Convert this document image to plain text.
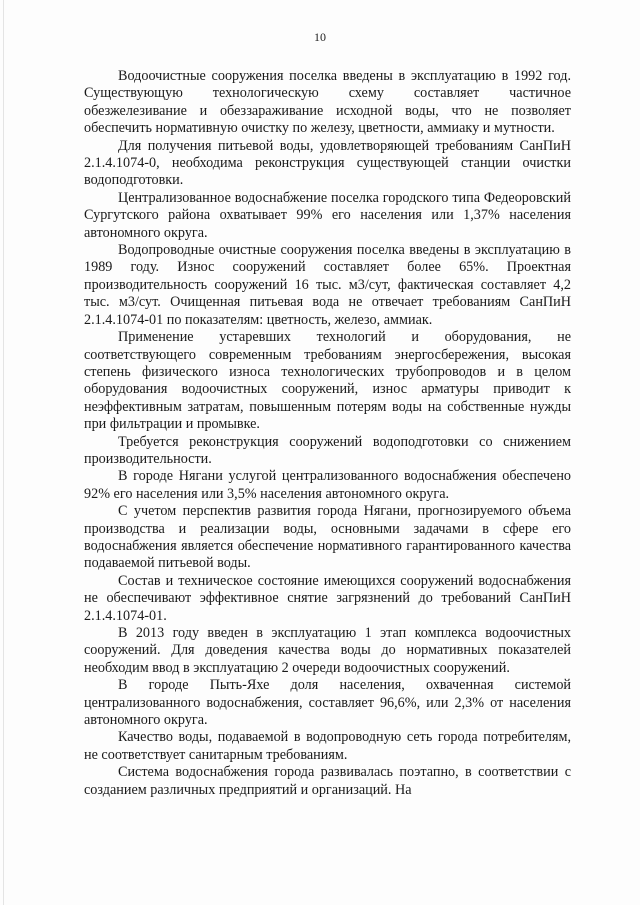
10

Водоочистные сооружения поселка введены в эксплуатацию в 1992 год. Существующую технологическую схему составляет частичное обезжелезивание и обеззараживание исходной воды, что не позволяет обеспечить нормативную очистку по железу, цветности, аммиаку и мутности.

Для получения питьевой воды, удовлетворяющей требованиям СанПиН 2.1.4.1074-0, необходима реконструкция существующей станции очистки водоподготовки.

Централизованное водоснабжение поселка городского типа Федеоровский Сургутского района охватывает 99% его населения или 1,37% населения автономного округа.

Водопроводные очистные сооружения поселка введены в эксплуатацию в 1989 году. Износ сооружений составляет более 65%. Проектная производительность сооружений 16 тыс. м3/сут, фактическая составляет 4,2 тыс. м3/сут. Очищенная питьевая вода не отвечает требованиям СанПиН 2.1.4.1074-01 по показателям: цветность, железо, аммиак.

Применение устаревших технологий и оборудования, не соответствующего современным требованиям энергосбережения, высокая степень физического износа технологических трубопроводов и в целом оборудования водоочистных сооружений, износ арматуры приводит к неэффективным затратам, повышенным потерям воды на собственные нужды при фильтрации и промывке.

Требуется реконструкция сооружений водоподготовки со снижением производительности.

В городе Нягани услугой централизованного водоснабжения обеспечено 92% его населения или 3,5% населения автономного округа.

С учетом перспектив развития города Нягани, прогнозируемого объема производства и реализации воды, основными задачами в сфере его водоснабжения является обеспечение нормативного гарантированного качества подаваемой питьевой воды.

Состав и техническое состояние имеющихся сооружений водоснабжения не обеспечивают эффективное снятие загрязнений до требований СанПиН 2.1.4.1074-01.

В 2013 году введен в эксплуатацию 1 этап комплекса водоочистных сооружений. Для доведения качества воды до нормативных показателей необходим ввод в эксплуатацию 2 очереди водоочистных сооружений.

В городе Пыть-Яхе доля населения, охваченная системой централизованного водоснабжения, составляет 96,6%, или 2,3% от населения автономного округа.

Качество воды, подаваемой в водопроводную сеть города потребителям, не соответствует санитарным требованиям.

Система водоснабжения города развивалась поэтапно, в соответствии с созданием различных предприятий и организаций. На
